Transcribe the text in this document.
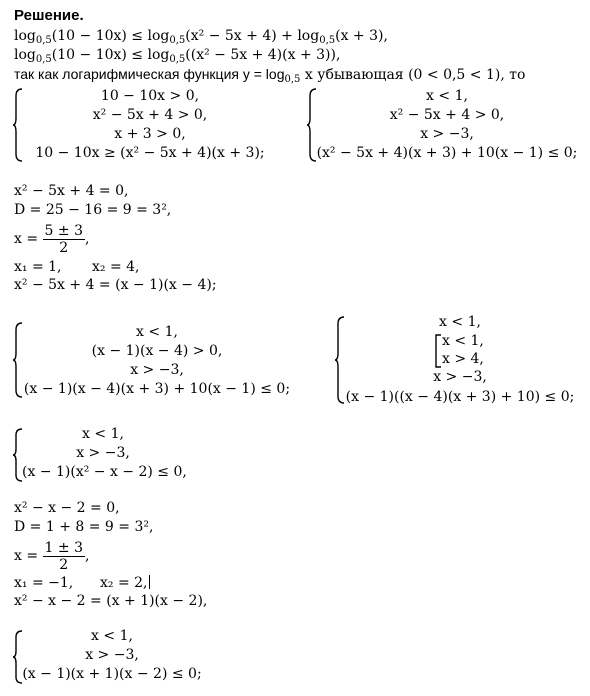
Решение.
$\log_{0,5}(10 - 10x) \le \log_{0,5}(x^2 - 5x + 4) + \log_{0,5}(x + 3)$,
$\log_{0,5}(10 - 10x) \le \log_{0,5}((x^2 - 5x + 4)(x + 3))$,
так как логарифмическая функция $y = \log_{0,5} x$ убывающая (0 < 0,5 < 1), то
10 − 10x > 0,
x² − 5x + 4 > 0,
x + 3 > 0,
10 − 10x ≥ (x² − 5x + 4)(x + 3);
x < 1,
x² − 5x + 4 > 0,
x > −3,
(x² − 5x + 4)(x + 3) + 10(x − 1) ≤ 0;
x² − 5x + 4 = 0,
D = 25 − 16 = 9 = 3²,
$x = \frac{5 \pm 3}{2}$ ,
x₁ = 1, x₂ = 4,
x² − 5x + 4 = (x − 1)(x − 4);
x < 1,
(x − 1)(x − 4) > 0,
x > −3,
(x − 1)(x − 4)(x + 3) + 10(x − 1) ≤ 0;
x < 1,
x < 1,
x > 4,
x > −3,
(x − 1)((x − 4)(x + 3) + 10) ≤ 0;
x < 1,
x > −3,
(x − 1)(x² − x − 2) ≤ 0,
x² − x − 2 = 0,
D = 1 + 8 = 9 = 3²,
$x = \frac{1 \pm 3}{2}$ ,
x₁ = −1, x₂ = 2,
x² − x − 2 = (x + 1)(x − 2),
x < 1,
x > −3,
(x − 1)(x + 1)(x − 2) ≤ 0;
